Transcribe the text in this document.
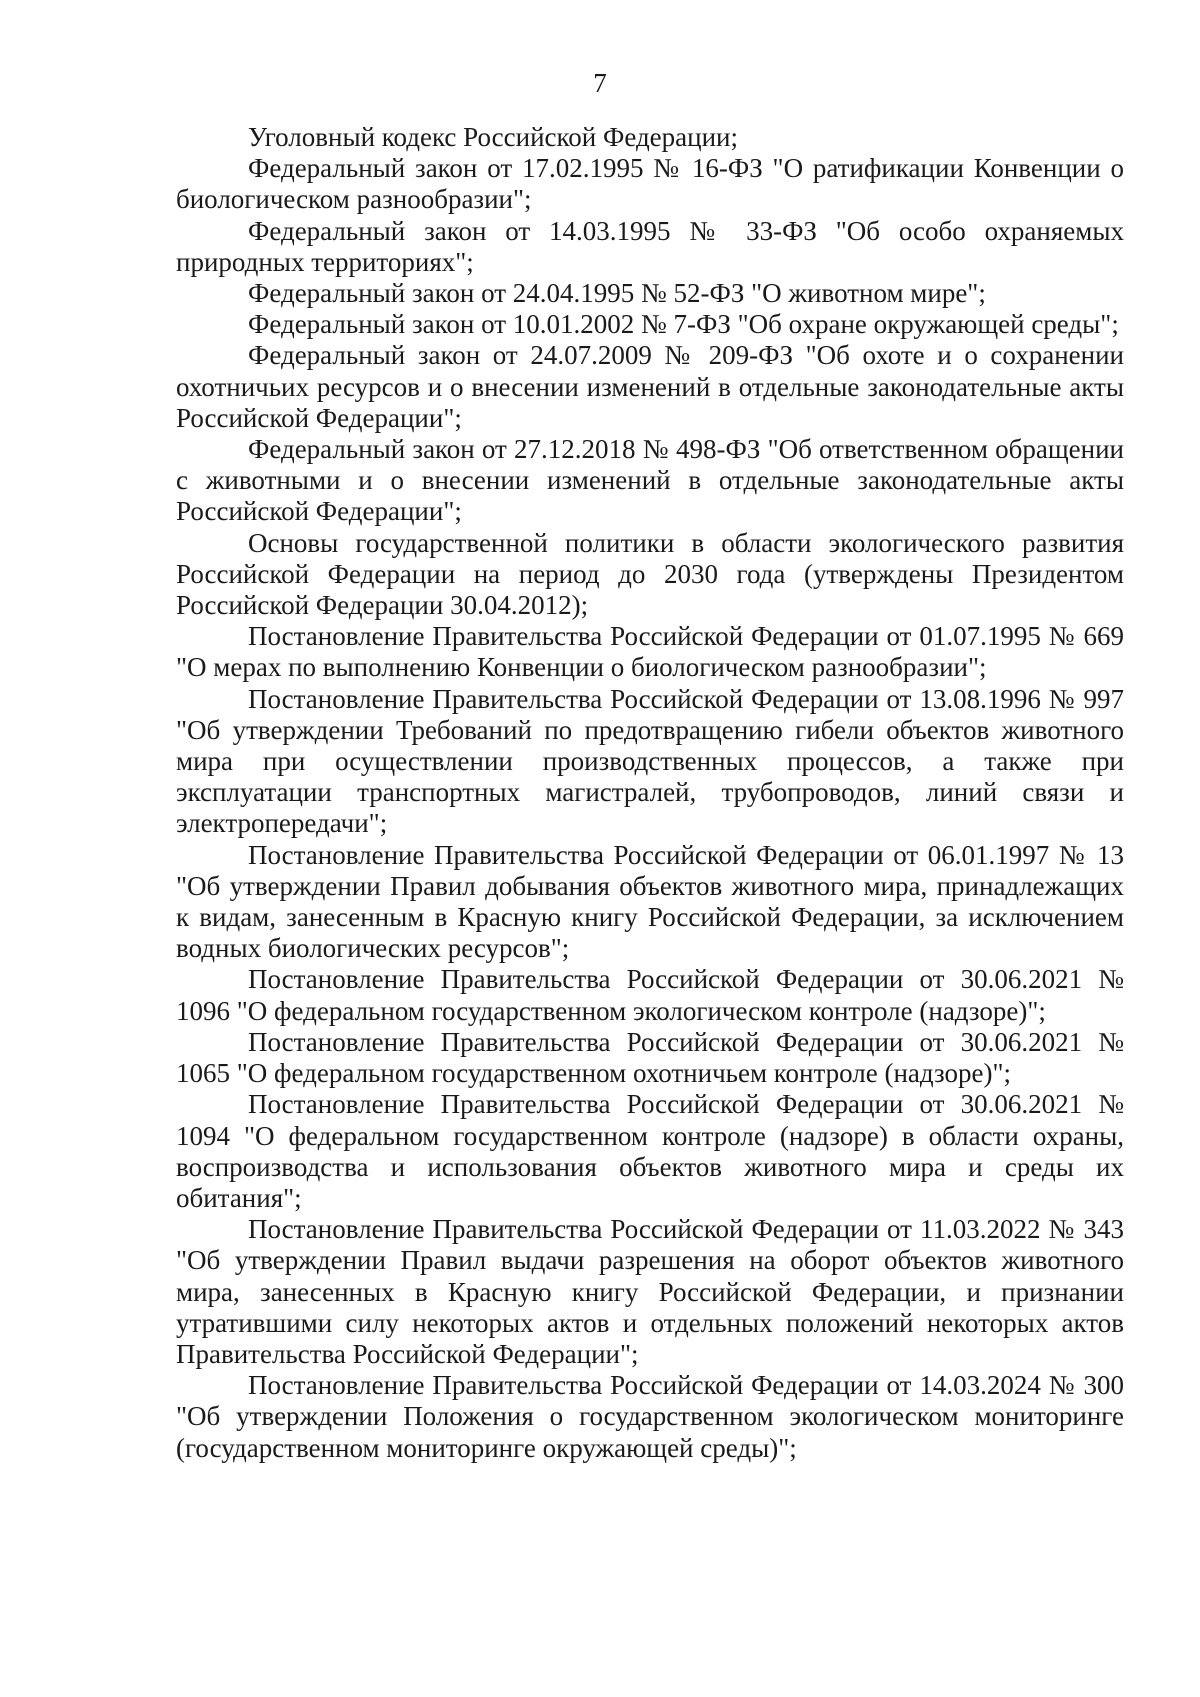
7

Уголовный кодекс Российской Федерации;

Федеральный закон от 17.02.1995 № 16-ФЗ "О ратификации Конвенции о биологическом разнообразии";

Федеральный закон от 14.03.1995 № 33-ФЗ "Об особо охраняемых природных территориях";

Федеральный закон от 24.04.1995 № 52-ФЗ "О животном мире";

Федеральный закон от 10.01.2002 № 7-ФЗ "Об охране окружающей среды";

Федеральный закон от 24.07.2009 № 209-ФЗ "Об охоте и о сохранении охотничьих ресурсов и о внесении изменений в отдельные законодательные акты Российской Федерации";

Федеральный закон от 27.12.2018 № 498-ФЗ "Об ответственном обращении с животными и о внесении изменений в отдельные законодательные акты Российской Федерации";

Основы государственной политики в области экологического развития Российской Федерации на период до 2030 года (утверждены Президентом Российской Федерации 30.04.2012);

Постановление Правительства Российской Федерации от 01.07.1995 № 669 "О мерах по выполнению Конвенции о биологическом разнообразии";

Постановление Правительства Российской Федерации от 13.08.1996 № 997 "Об утверждении Требований по предотвращению гибели объектов животного мира при осуществлении производственных процессов, а также при эксплуатации транспортных магистралей, трубопроводов, линий связи и электропередачи";

Постановление Правительства Российской Федерации от 06.01.1997 № 13 "Об утверждении Правил добывания объектов животного мира, принадлежащих к видам, занесенным в Красную книгу Российской Федерации, за исключением водных биологических ресурсов";

Постановление Правительства Российской Федерации от 30.06.2021 № 1096 "О федеральном государственном экологическом контроле (надзоре)";

Постановление Правительства Российской Федерации от 30.06.2021 № 1065 "О федеральном государственном охотничьем контроле (надзоре)";

Постановление Правительства Российской Федерации от 30.06.2021 № 1094 "О федеральном государственном контроле (надзоре) в области охраны, воспроизводства и использования объектов животного мира и среды их обитания";

Постановление Правительства Российской Федерации от 11.03.2022 № 343 "Об утверждении Правил выдачи разрешения на оборот объектов животного мира, занесенных в Красную книгу Российской Федерации, и признании утратившими силу некоторых актов и отдельных положений некоторых актов Правительства Российской Федерации";

Постановление Правительства Российской Федерации от 14.03.2024 № 300 "Об утверждении Положения о государственном экологическом мониторинге (государственном мониторинге окружающей среды)";
